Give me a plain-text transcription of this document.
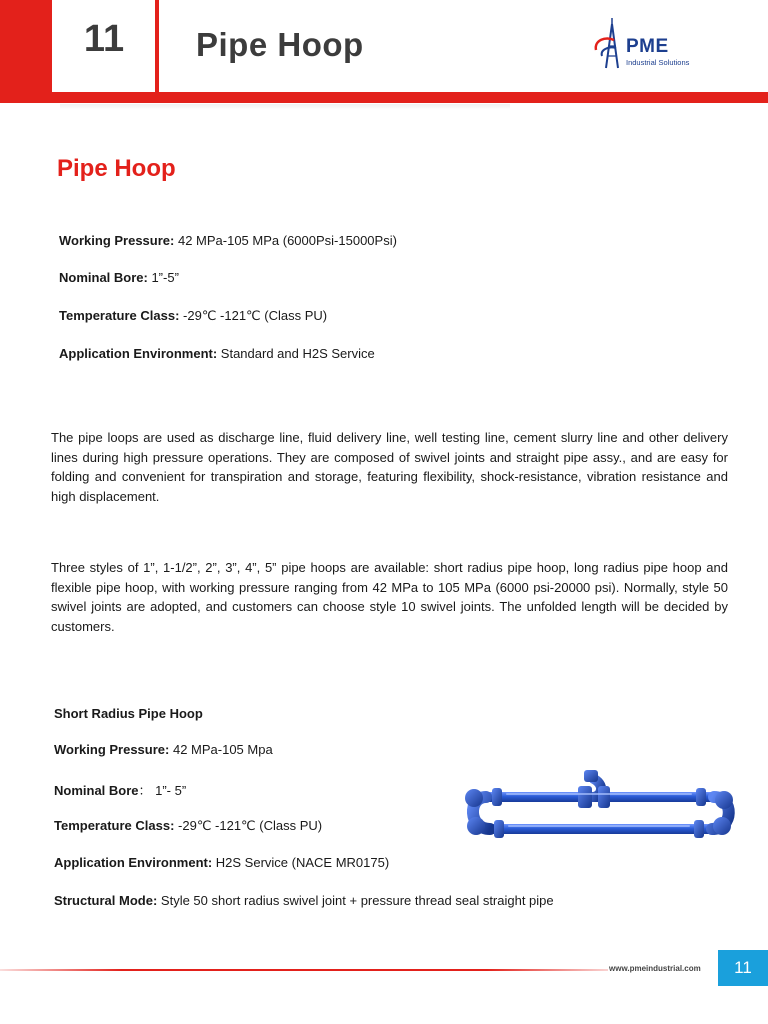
11	Pipe Hoop	PME
Industrial Solutions
Pipe Hoop
Working Pressure: 42 MPa-105 MPa (6000Psi-15000Psi)
Nominal Bore: 1”-5”
Temperature Class: -29℃ -121℃ (Class PU)
Application Environment: Standard and H2S Service

The pipe loops are used as discharge line, fluid delivery line, well testing line, cement slurry line and other delivery lines during high pressure operations. They are composed of swivel joints and straight pipe assy., and are easy for folding and convenient for transpiration and storage, featuring flexibility, shock-resistance, vibration resistance and high displacement.

Three styles of 1”, 1-1/2”, 2”, 3”, 4”, 5” pipe hoops are available: short radius pipe hoop, long radius pipe hoop and flexible pipe hoop, with working pressure ranging from 42 MPa to 105 MPa (6000 psi-20000 psi). Normally, style 50 swivel joints are adopted, and customers can choose style 10 swivel joints. The unfolded length will be decided by customers.

Short Radius Pipe Hoop
Working Pressure: 42 MPa-105 Mpa
Nominal Bore： 1”- 5”
Temperature Class: -29℃ -121℃ (Class PU)
Application Environment: H2S Service (NACE MR0175)
Structural Mode: Style 50 short radius swivel joint + pressure thread seal straight pipe
www.pmeindustrial.com	11
